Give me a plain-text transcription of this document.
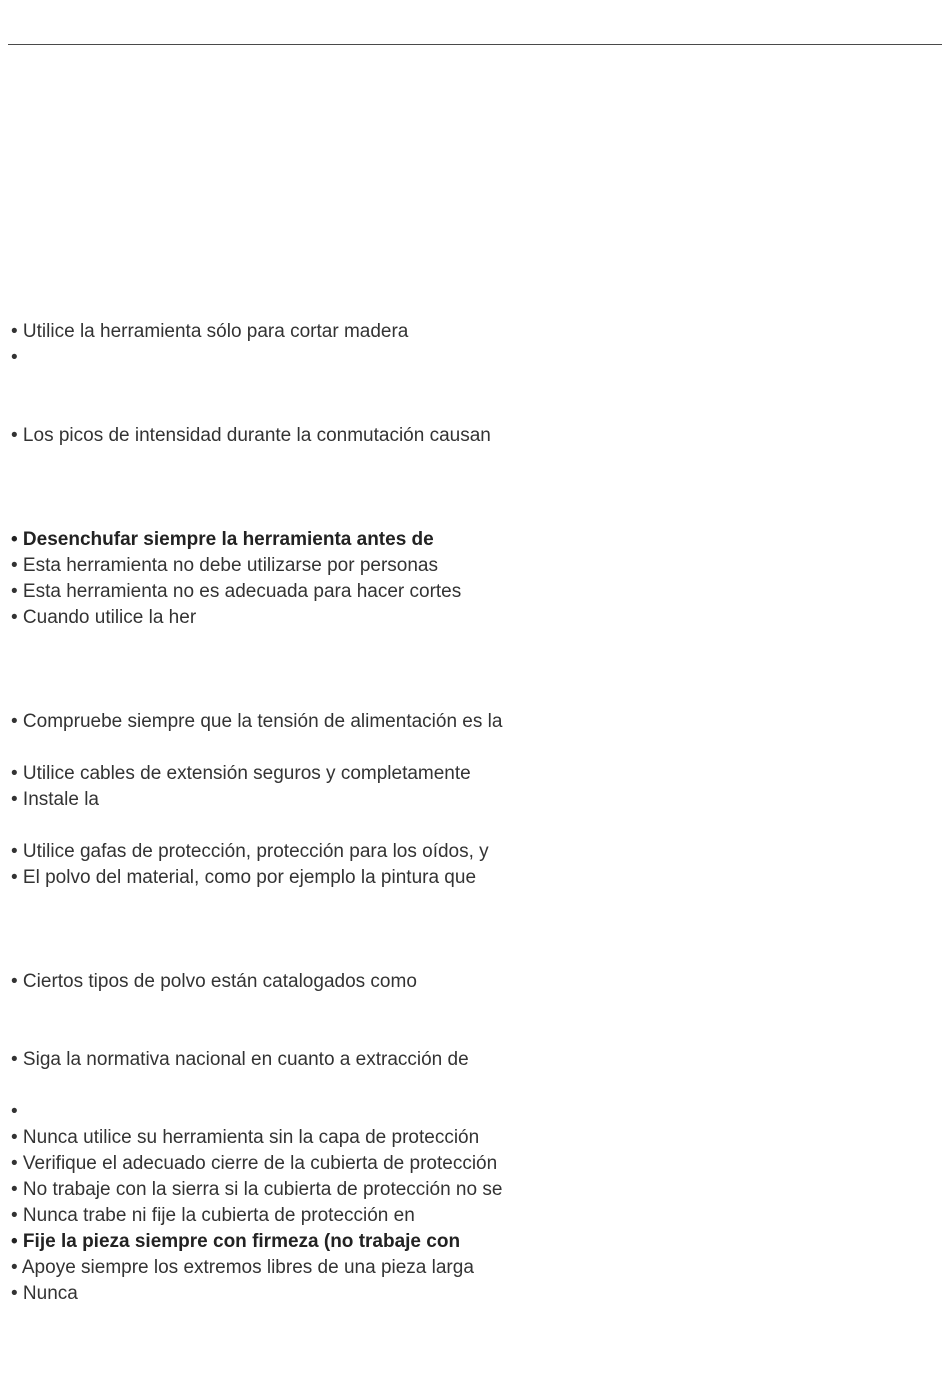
• Utilice la herramienta sólo para cortar madera
•
• Los picos de intensidad durante la conmutación causan
• Desenchufar siempre la herramienta antes de
• Esta herramienta no debe utilizarse por personas
• Esta herramienta no es adecuada para hacer cortes
• Cuando utilice la her
• Compruebe siempre que la tensión de alimentación es la
• Utilice cables de extensión seguros y completamente
• Instale la
• Utilice gafas de protección, protección para los oídos, y
• El polvo del material, como por ejemplo la pintura que
• Ciertos tipos de polvo están catalogados como
• Siga la normativa nacional en cuanto a extracción de
•
• Nunca utilice su herramienta sin la capa de protección
• Verifique el adecuado cierre de la cubierta de protección
• No trabaje con la sierra si la cubierta de protección no se
• Nunca trabe ni fije la cubierta de protección en
• Fije la pieza siempre con firmeza (no trabaje con
• Apoye siempre los extremos libres de una pieza larga
• Nunca
